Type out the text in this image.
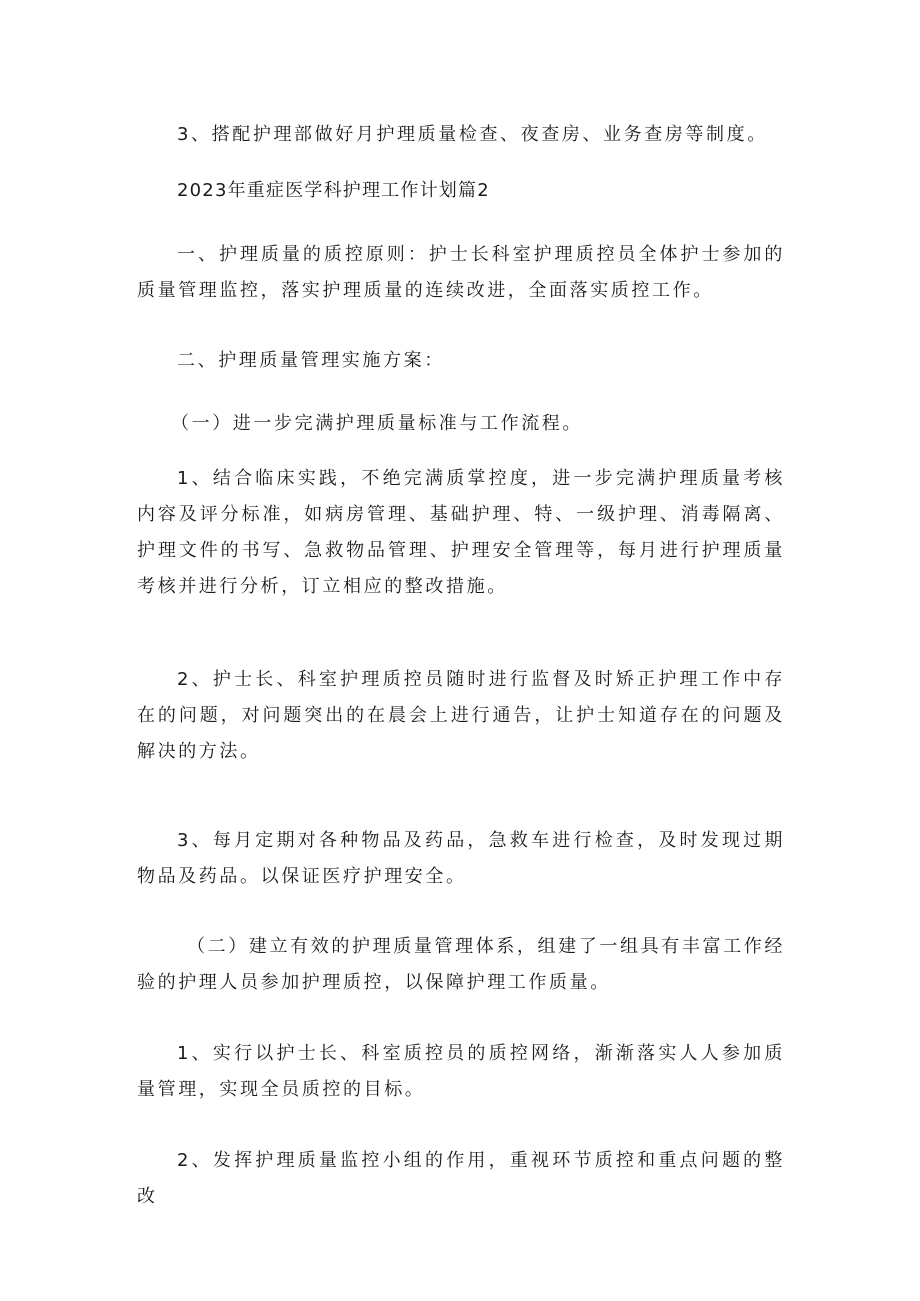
3、搭配护理部做好月护理质量检查、夜查房、业务查房等制度。

2023年重症医学科护理工作计划篇2

一、护理质量的质控原则：护士长科室护理质控员全体护士参加的质量管理监控，落实护理质量的连续改进，全面落实质控工作。

二、护理质量管理实施方案：

（一）进一步完满护理质量标准与工作流程。

1、结合临床实践，不绝完满质掌控度，进一步完满护理质量考核内容及评分标准，如病房管理、基础护理、特、一级护理、消毒隔离、护理文件的书写、急救物品管理、护理安全管理等，每月进行护理质量考核并进行分析，订立相应的整改措施。

2、护士长、科室护理质控员随时进行监督及时矫正护理工作中存在的问题，对问题突出的在晨会上进行通告，让护士知道存在的问题及解决的方法。

3、每月定期对各种物品及药品，急救车进行检查，及时发现过期物品及药品。以保证医疗护理安全。

（二）建立有效的护理质量管理体系，组建了一组具有丰富工作经验的护理人员参加护理质控，以保障护理工作质量。

1、实行以护士长、科室质控员的质控网络，渐渐落实人人参加质量管理，实现全员质控的目标。

2、发挥护理质量监控小组的作用，重视环节质控和重点问题的整改
